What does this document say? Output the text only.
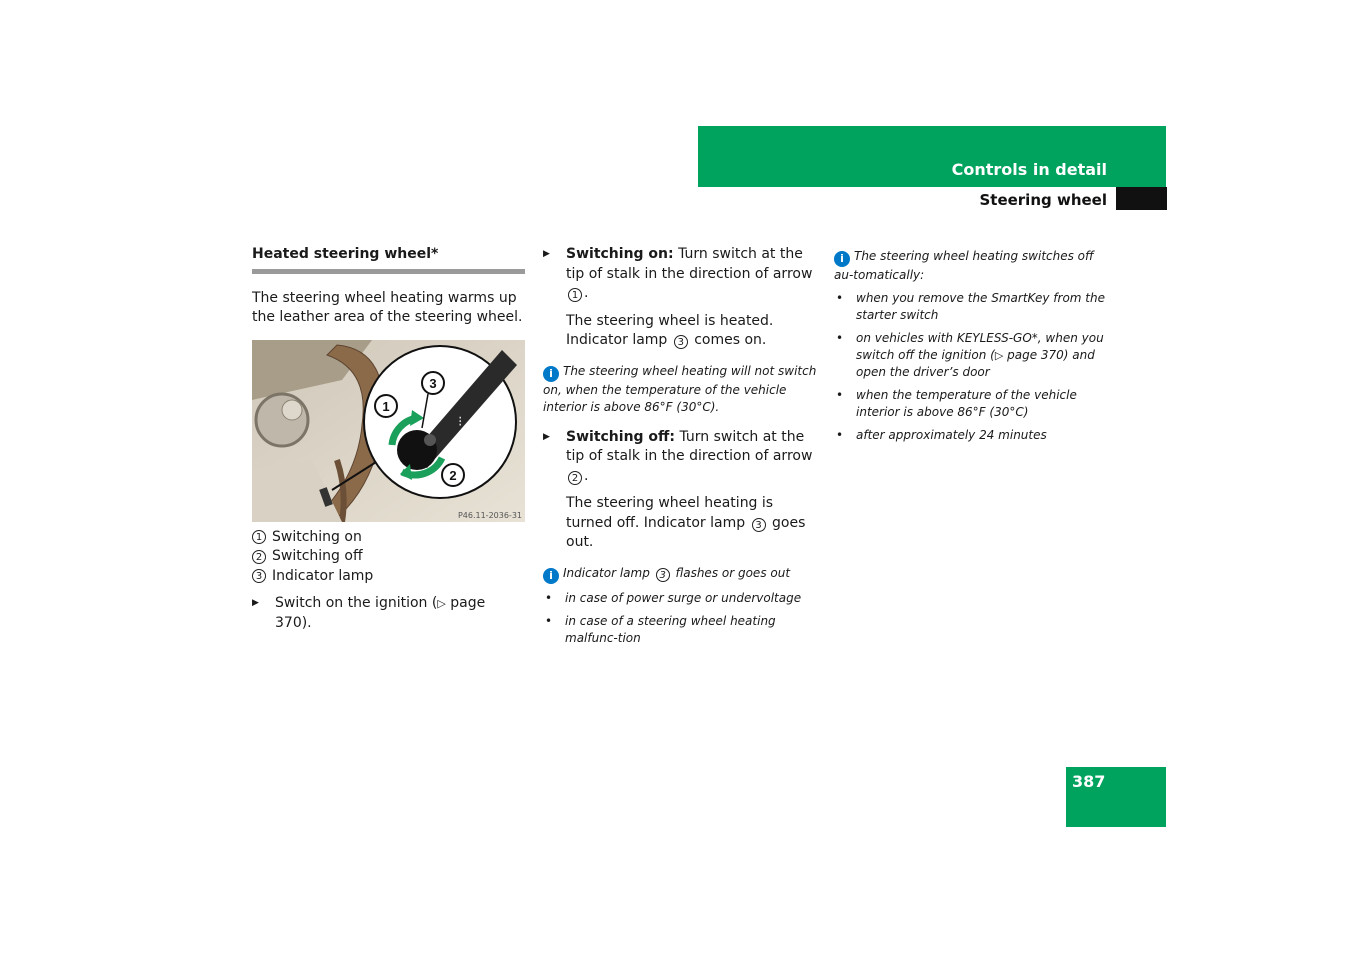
Controls in detail
Steering wheel
387
Heated steering wheel*

The steering wheel heating warms up the leather area of the steering wheel.

1
2
3
⁝
P46.11-2036-31
1 Switching on
2 Switching off
3 Indicator lamp
▶	Switch on the ignition (▷ page 370).
▶	Switching on: Turn switch at the tip of stalk in the direction of arrow 1 .

The steering wheel is heated. Indicator lamp 3 comes on.

i The steering wheel heating will not switch on, when the temperature of the vehicle interior is above 86°F (30°C).

▶	Switching off: Turn switch at the tip of stalk in the direction of arrow 2 .

The steering wheel heating is turned off. Indicator lamp 3 goes out.

i Indicator lamp 3 flashes or goes out

• in case of power surge or undervoltage
• in case of a steering wheel heating malfunc-tion

i The steering wheel heating switches off au-tomatically:

• when you remove the SmartKey from the starter switch
• on vehicles with KEYLESS-GO*, when you switch off the ignition (▷ page 370) and open the driver’s door
• when the temperature of the vehicle interior is above 86°F (30°C)
• after approximately 24 minutes
